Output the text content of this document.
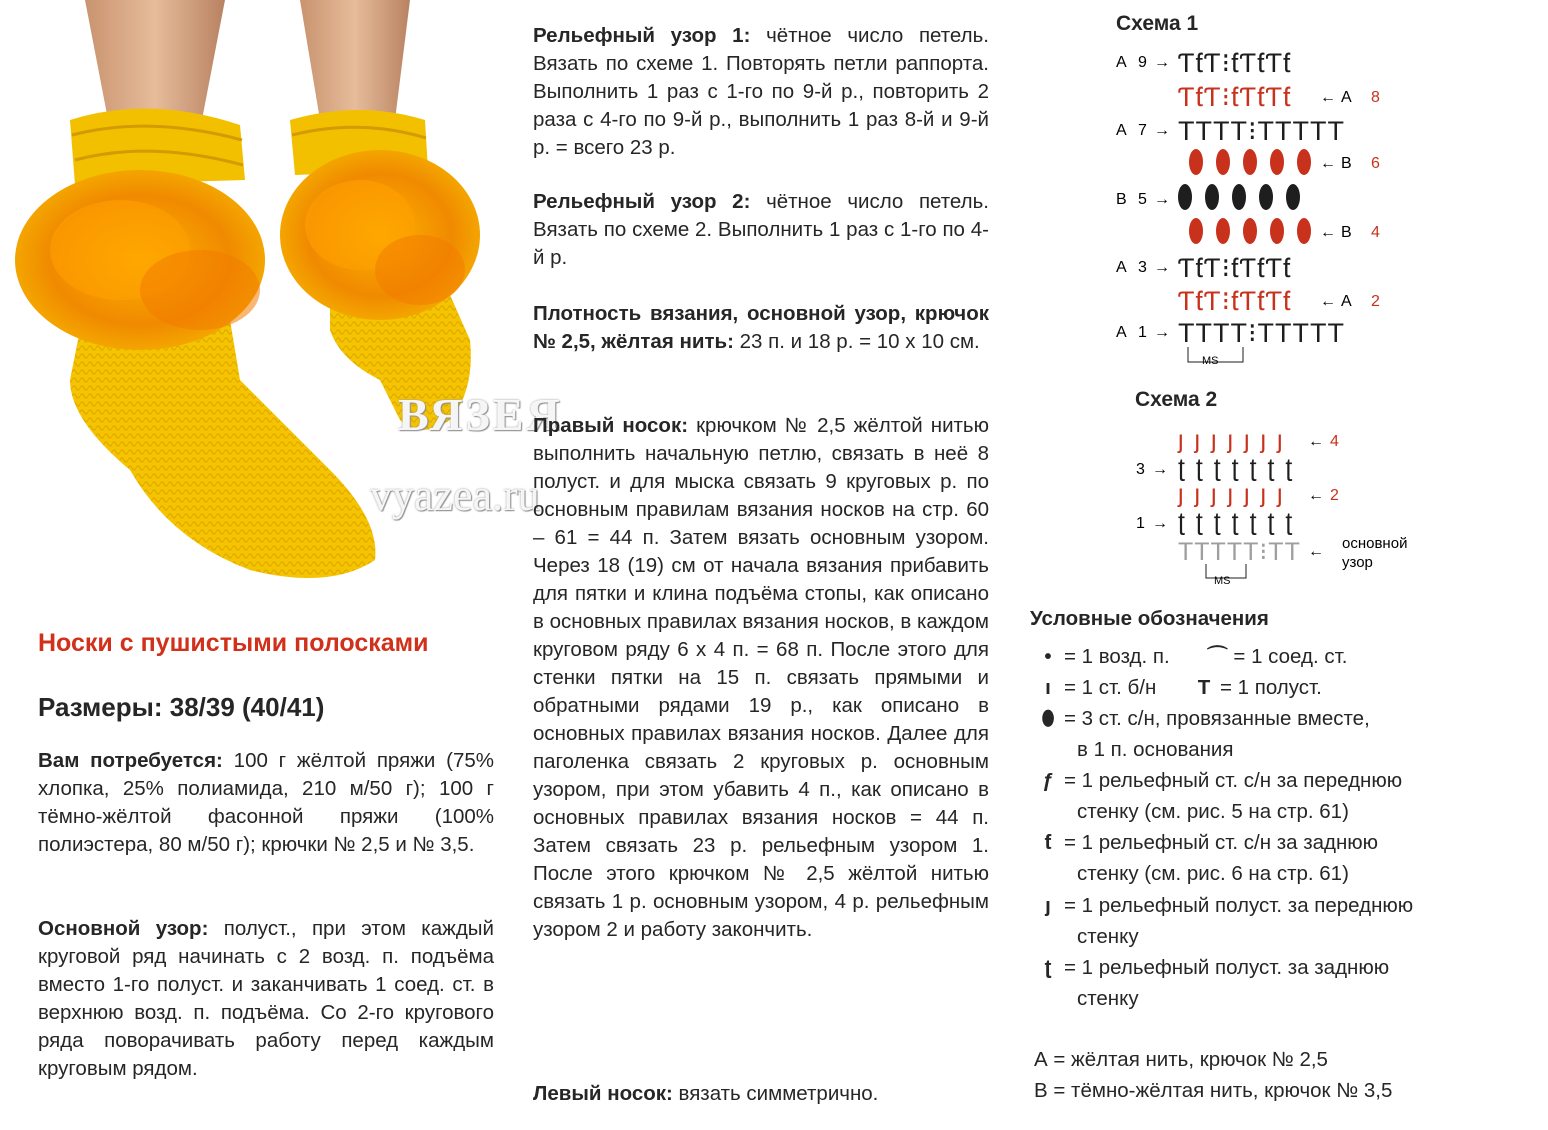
ВЯЗЕЯ
vyazea.ru
Носки с пушистыми полосками
Размеры: 38/39 (40/41)
Вам потребуется: 100 г жёлтой пряжи (75% хлопка, 25% полиамида, 210 м/50 г); 100 г тёмно-жёлтой фасонной пряжи (100% полиэстера, 80 м/50 г); крючки № 2,5 и № 3,5.
Основной узор: полуст., при этом каждый круговой ряд начинать с 2 возд. п. подъёма вместо 1-го полуст. и заканчивать 1 соед. ст. в верхнюю возд. п. подъёма. Со 2-го кругового ряда поворачивать работу перед каждым круговым рядом.
Рельефный узор 1: чётное число петель. Вязать по схеме 1. Повторять петли раппорта. Выполнить 1 раз с 1-го по 9-й р., повторить 2 раза с 4-го по 9-й р., выполнить 1 раз 8-й и 9-й р. = всего 23 р.
Рельефный узор 2: чётное число петель. Вязать по схеме 2. Выполнить 1 раз с 1-го по 4-й р.
Плотность вязания, основной узор, крючок № 2,5, жёлтая нить: 23 п. и 18 р. = 10 х 10 см.
Правый носок: крючком № 2,5 жёлтой нитью выполнить начальную петлю, связать в неё 8 полуст. и для мыска связать 9 круговых р. по основным правилам вязания носков на стр. 60 – 61 = 44 п. Затем вязать основным узором. Через 18 (19) см от начала вязания прибавить для пятки и клина подъёма стопы, как описано в основных правилах вязания носков, в каждом круговом ряду 6 х 4 п. = 68 п. После этого для стенки пятки на 15 п. связать прямыми и обратными рядами 19 р., как описано в основных правилах вязания носков. Далее для паголенка связать 2 круговых р. основным узором, при этом убавить 4 п., как описано в основных правилах вязания носков = 44 п. Затем связать 23 р. рельефным узором 1. После этого крючком № 2,5 жёлтой нитью связать 1 р. основным узором, 4 р. рельефным узором 2 и работу закончить.
Левый носок: вязать симметрично.
Схема 1
А 9 → ƬƭƬ⁝ƭƬƭƬƭ
ƬƭƬ⁝ƭƬƭƬƭ ← А 8
А 7 → TTTT⁝TTTTT
← В 6
В 5 →
← В 4
А 3 → ƬƭƬ⁝ƭƬƭƬƭ
ƬƭƬ⁝ƭƬƭƬƭ ← А 2
А 1 → TTTT⁝TTTTT
MS
Схема 2
ȷ ȷ ȷ ȷ ȷ ȷ ȷ ← 4
3 → ʈ ʈ ʈ ʈ ʈ ʈ ʈ
ȷ ȷ ȷ ȷ ȷ ȷ ȷ ← 2
1 → ʈ ʈ ʈ ʈ ʈ ʈ ʈ
TTTTT⁝TT
MS
← основной
узор
Условные обозначения
• = 1 возд. п. ⌒ = 1 соед. ст.
ı = 1 ст. б/н T = 1 полуст.
⬮ = 3 ст. с/н, провязанные вместе,
в 1 п. основания
ƒ = 1 рельефный ст. с/н за переднюю
стенку (см. рис. 5 на стр. 61)
ƭ = 1 рельефный ст. с/н за заднюю
стенку (см. рис. 6 на стр. 61)
ȷ = 1 рельефный полуст. за переднюю
стенку
ʈ = 1 рельефный полуст. за заднюю
стенку
А = жёлтая нить, крючок № 2,5
В = тёмно-жёлтая нить, крючок № 3,5
